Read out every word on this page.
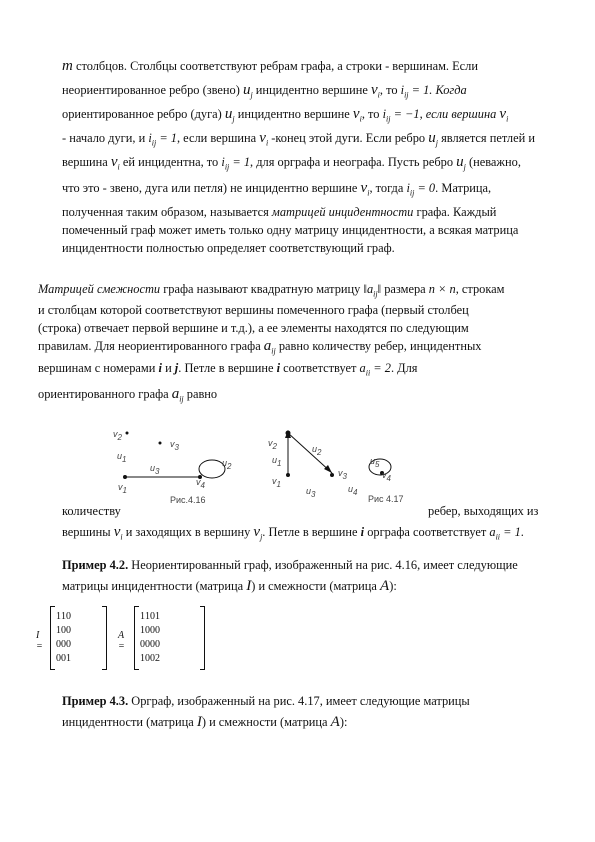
m столбцов. Столбцы соответствуют ребрам графа, а строки - вершинам. Если
неориентированное ребро (звено) $u_j$ инцидентно вершине $v_i$, то $i_{ij} = 1$. Когда
ориентированное ребро (дуга) $u_j$ инцидентно вершине $v_i$, то $i_{ij} = -1$, если вершина $v_i$
- начало дуги, и $i_{ij} = 1$, если вершина $v_i$ -конец этой дуги. Если ребро $u_j$ является петлей и
вершина $v_i$ ей инцидентна, то $i_{ij} = 1$, для орграфа и неографа. Пусть ребро $u_j$ (неважно,
что это - звено, дуга или петля) не инцидентно вершине $v_i$, тогда $i_{ij} = 0$. Матрица,
полученная таким образом, называется матрицей инцидентности графа. Каждый
помеченный граф может иметь только одну матрицу инцидентности, а всякая матрица
инцидентности полностью определяет соответствующий граф.
Матрицей смежности графа называют квадратную матрицу $‖a_{ij}‖$ размера n × n, строкам
и столбцам которой соответствуют вершины помеченного графа (первый столбец
(строка) отвечает первой вершине и т.д.), а ее элементы находятся по следующим
правилам. Для неориентированного графа $a_{ij}$ равно количеству ребер, инцидентных
вершинам с номерами i и j. Петле в вершине i соответствует $a_{ii} = 2$. Для
ориентированного графа $a_{ij}$ равно
$v_2$
$v_3$
$u_1$
$u_3$
$u_2$
$v_1$
$v_4$
Рис.4.16
$v_2$	$u_2$
$u_1$
$v_3$
$v_1$
$u_3$
$u_4$
$u_5$
$v_4$
Рис 4.17
количеству	ребер, выходящих из
вершины $v_i$ и заходящих в вершину $v_j$. Петле в вершине i орграфа соответствует $a_{ii} = 1$.
Пример 4.2. Неориентированный граф, изображенный на рис. 4.16, имеет следующие
матрицы инцидентности (матрица I) и смежности (матрица A):
I =
1	1	0
1	0	0
0	0	0
0	0	1
A =
1	1	0	1
1	0	0	0
0	0	0	0
1	0	0	2
Пример 4.3. Орграф, изображенный на рис. 4.17, имеет следующие матрицы
инцидентности (матрица I) и смежности (матрица A):
